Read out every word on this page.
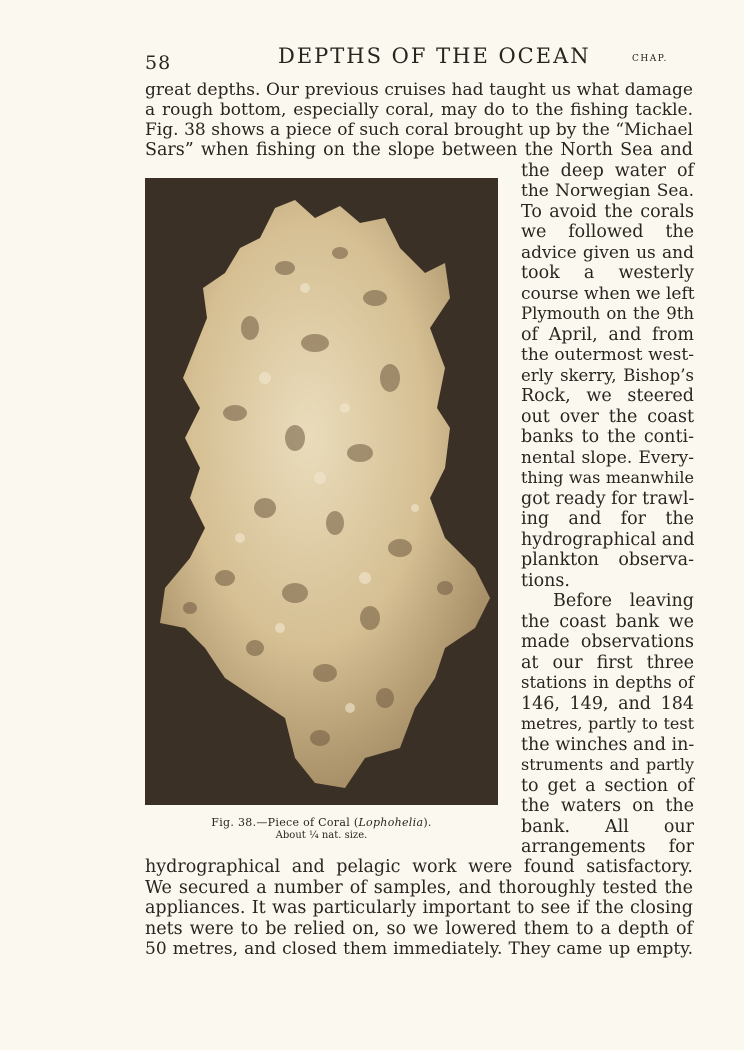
58	DEPTHS OF THE OCEAN	CHAP.
great depths. Our previous cruises had taught us what damage
a rough bottom, especially coral, may do to the fishing tackle.
Fig. 38 shows a piece of such coral brought up by the “Michael
Sars” when fishing on the slope between the North Sea and
Fig. 38.—Piece of Coral (Lophohelia).
About ¼ nat. size.
the deep water of
the Norwegian Sea.
To avoid the corals
we followed the
advice given us and
took a westerly
course when we left
Plymouth on the 9th
of April, and from
the outermost west-
erly skerry, Bishop’s
Rock, we steered
out over the coast
banks to the conti-
nental slope. Every-
thing was meanwhile
got ready for trawl-
ing and for the
hydrographical and
plankton observa-
tions.
Before leaving
the coast bank we
made observations
at our first three
stations in depths of
146, 149, and 184
metres, partly to test
the winches and in-
struments and partly
to get a section of
the waters on the
bank. All our
arrangements for
hydrographical and pelagic work were found satisfactory.
We secured a number of samples, and thoroughly tested the
appliances. It was particularly important to see if the closing
nets were to be relied on, so we lowered them to a depth of
50 metres, and closed them immediately. They came up empty.
